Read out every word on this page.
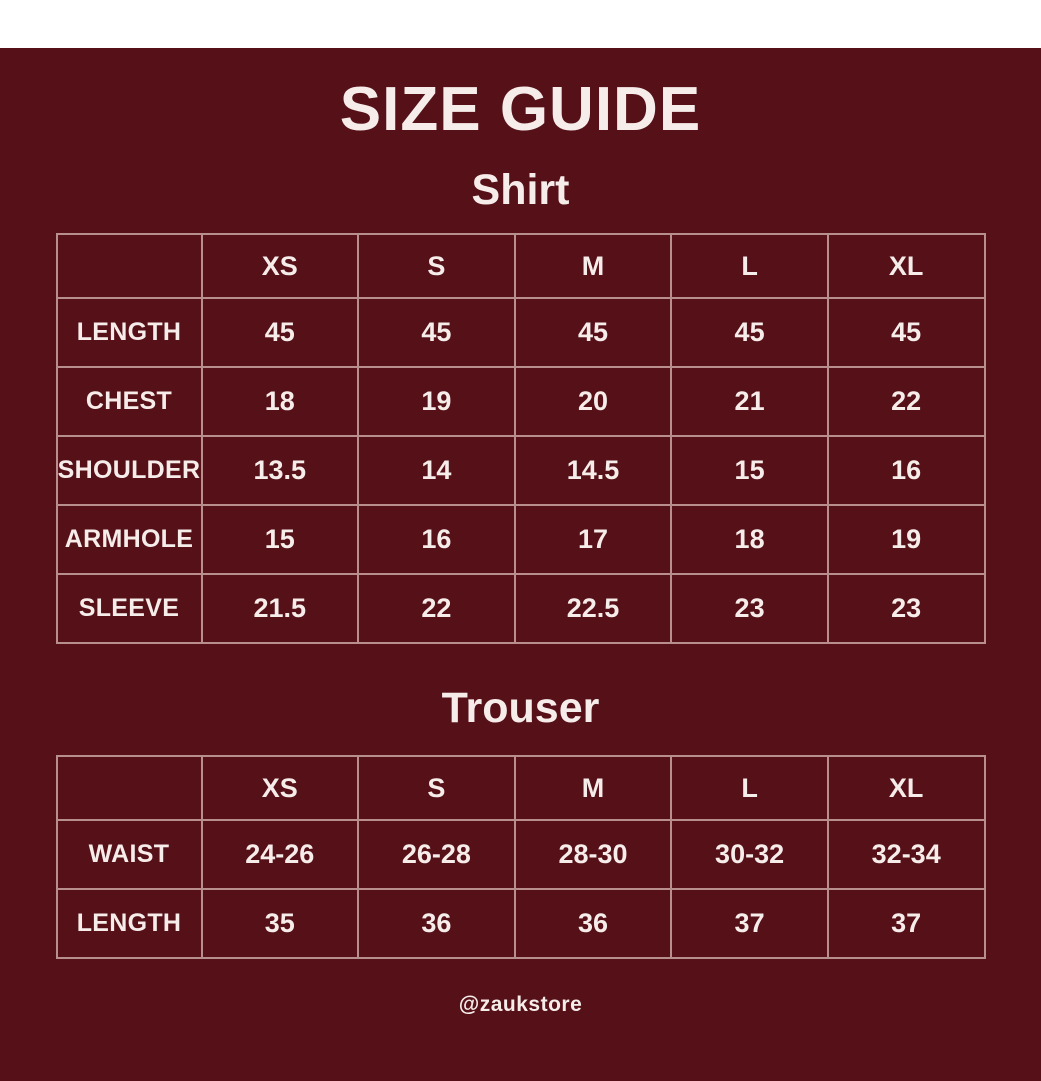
SIZE GUIDE
Shirt
	XS	S	M	L	XL
LENGTH	45	45	45	45	45
CHEST	18	19	20	21	22
SHOULDER	13.5	14	14.5	15	16
ARMHOLE	15	16	17	18	19
SLEEVE	21.5	22	22.5	23	23
Trouser
	XS	S	M	L	XL
WAIST	24-26	26-28	28-30	30-32	32-34
LENGTH	35	36	36	37	37
@zaukstore
